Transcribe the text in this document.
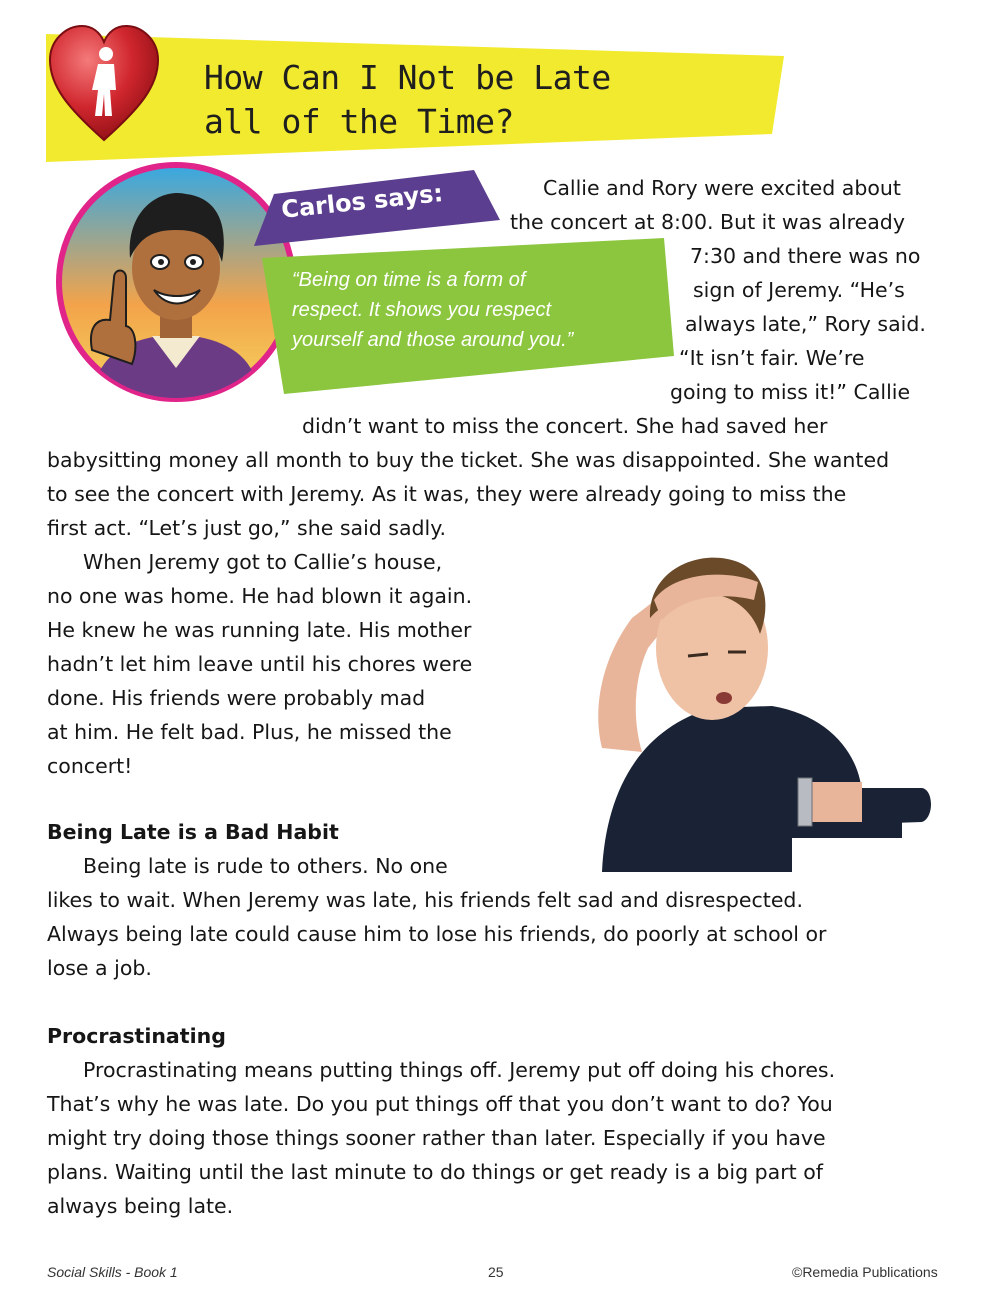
How Can I Not be Late
all of the Time?
Carlos says:
“Being on time is a form of
respect. It shows you respect
yourself and those around you.”
Callie and Rory were excited about
the concert at 8:00. But it was already
7:30 and there was no
sign of Jeremy. “He’s
always late,” Rory said.
“It isn’t fair. We’re
going to miss it!” Callie
didn’t want to miss the concert. She had saved her
babysitting money all month to buy the ticket. She was disappointed. She wanted
to see the concert with Jeremy. As it was, they were already going to miss the
first act. “Let’s just go,” she said sadly.
When Jeremy got to Callie’s house,
no one was home. He had blown it again.
He knew he was running late. His mother
hadn’t let him leave until his chores were
done. His friends were probably mad
at him. He felt bad. Plus, he missed the
concert!
Being Late is a Bad Habit
Being late is rude to others. No one
likes to wait. When Jeremy was late, his friends felt sad and disrespected.
Always being late could cause him to lose his friends, do poorly at school or
lose a job.
Procrastinating
Procrastinating means putting things off. Jeremy put off doing his chores.
That’s why he was late. Do you put things off that you don’t want to do? You
might try doing those things sooner rather than later. Especially if you have
plans. Waiting until the last minute to do things or get ready is a big part of
always being late.
Social Skills - Book 1	25	©Remedia Publications
